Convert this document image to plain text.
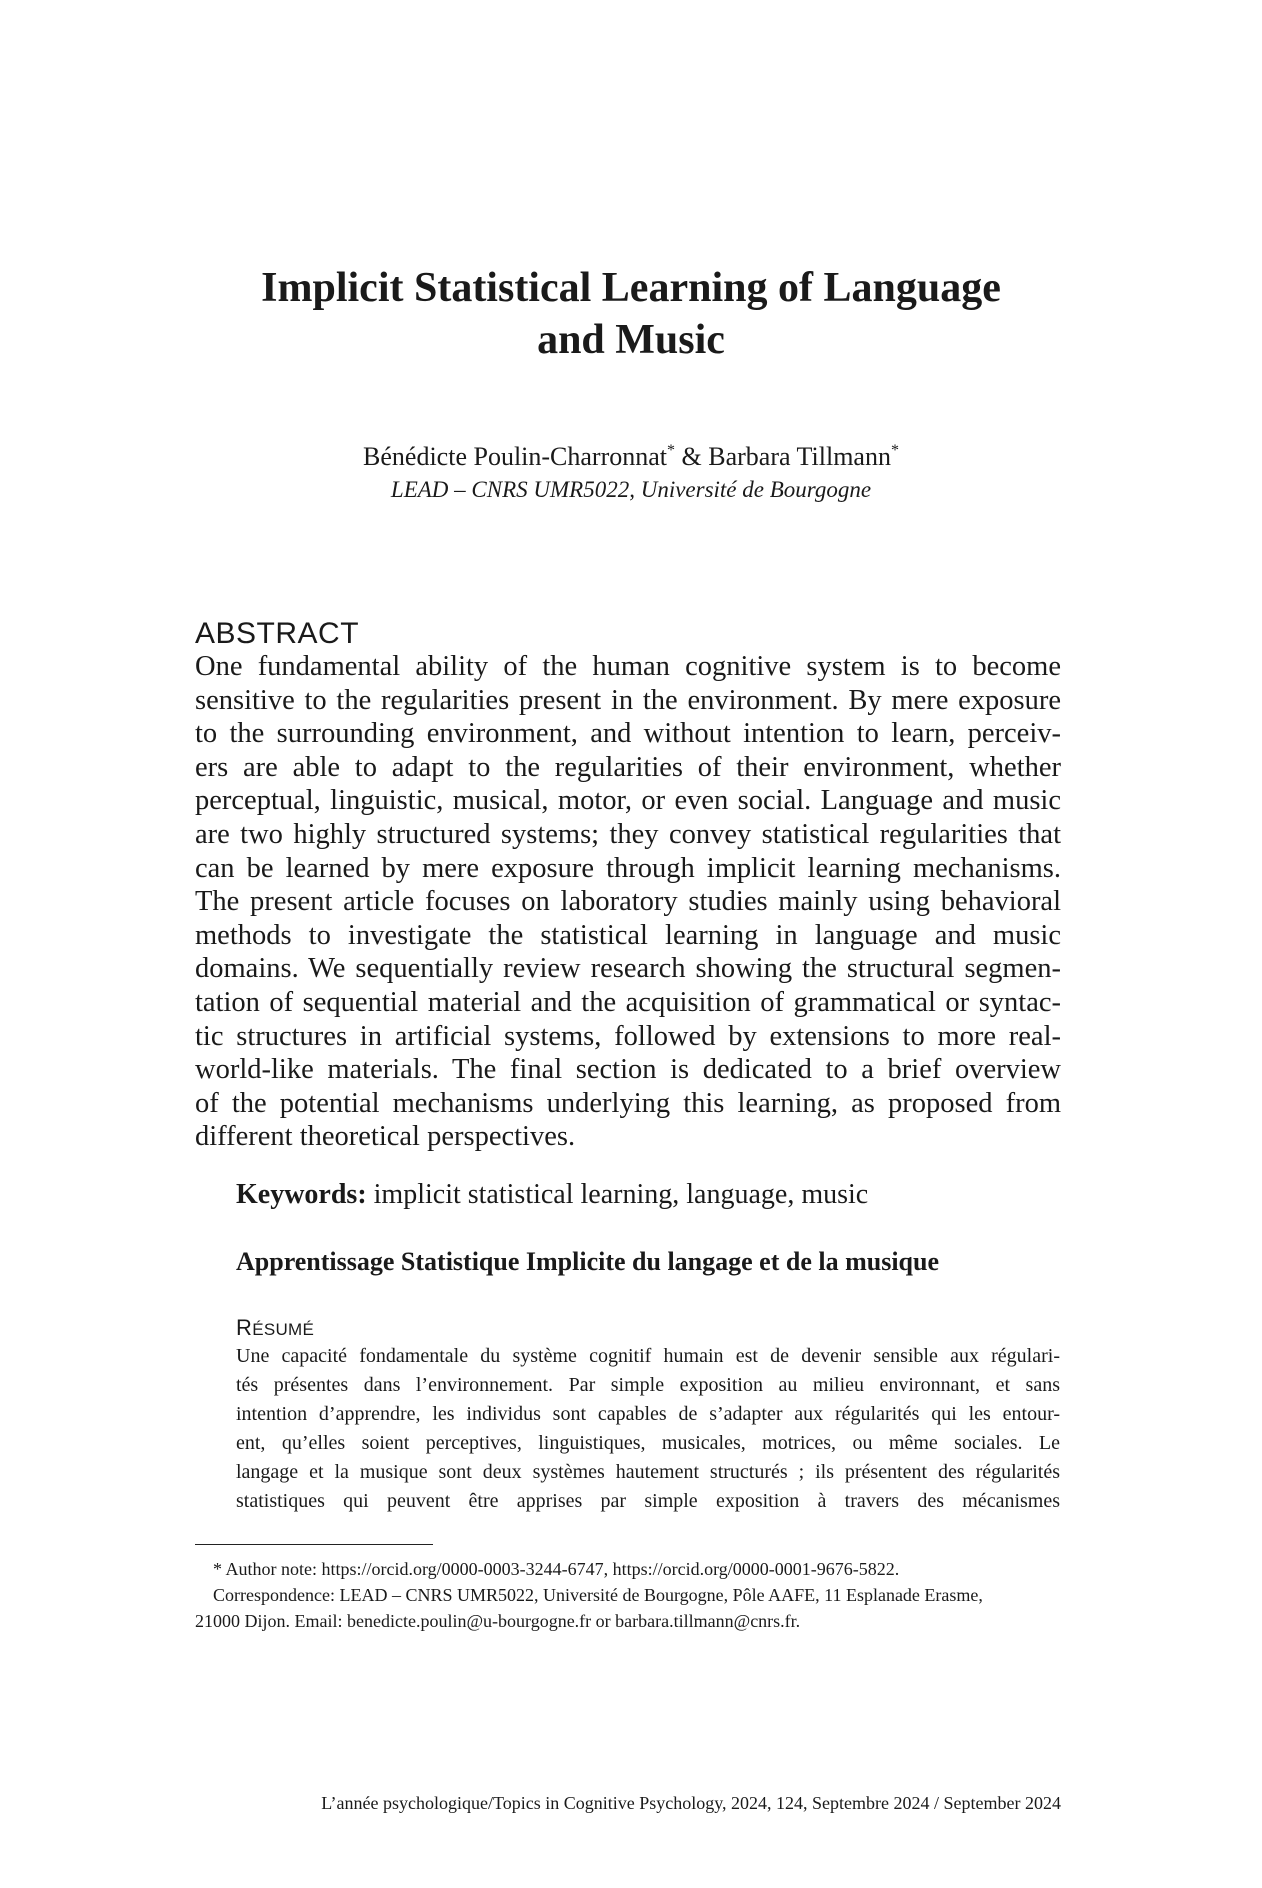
Implicit Statistical Learning of Language
and Music
Bénédicte Poulin-Charronnat* & Barbara Tillmann*
LEAD – CNRS UMR5022, Université de Bourgogne
ABSTRACT

One fundamental ability of the human cognitive system is to become
sensitive to the regularities present in the environment. By mere exposure
to the surrounding environment, and without intention to learn, perceiv-
ers are able to adapt to the regularities of their environment, whether
perceptual, linguistic, musical, motor, or even social. Language and music
are two highly structured systems; they convey statistical regularities that
can be learned by mere exposure through implicit learning mechanisms.
The present article focuses on laboratory studies mainly using behavioral
methods to investigate the statistical learning in language and music
domains. We sequentially review research showing the structural segmen-
tation of sequential material and the acquisition of grammatical or syntac-
tic structures in artificial systems, followed by extensions to more real-
world-like materials. The final section is dedicated to a brief overview
of the potential mechanisms underlying this learning, as proposed from
different theoretical perspectives.

Keywords: implicit statistical learning, language, music
Apprentissage Statistique Implicite du langage et de la musique
RÉSUMÉ

Une capacité fondamentale du système cognitif humain est de devenir sensible aux régulari-
tés présentes dans l’environnement. Par simple exposition au milieu environnant, et sans
intention d’apprendre, les individus sont capables de s’adapter aux régularités qui les entour-
ent, qu’elles soient perceptives, linguistiques, musicales, motrices, ou même sociales. Le
langage et la musique sont deux systèmes hautement structurés ; ils présentent des régularités
statistiques qui peuvent être apprises par simple exposition à travers des mécanismes

* Author note: https://orcid.org/0000-0003-3244-6747, https://orcid.org/0000-0001-9676-5822.
Correspondence: LEAD – CNRS UMR5022, Université de Bourgogne, Pôle AAFE, 11 Esplanade Erasme,
21000 Dijon. Email: benedicte.poulin@u-bourgogne.fr or barbara.tillmann@cnrs.fr.
L’année psychologique/Topics in Cognitive Psychology, 2024, 124, Septembre 2024 / September 2024
